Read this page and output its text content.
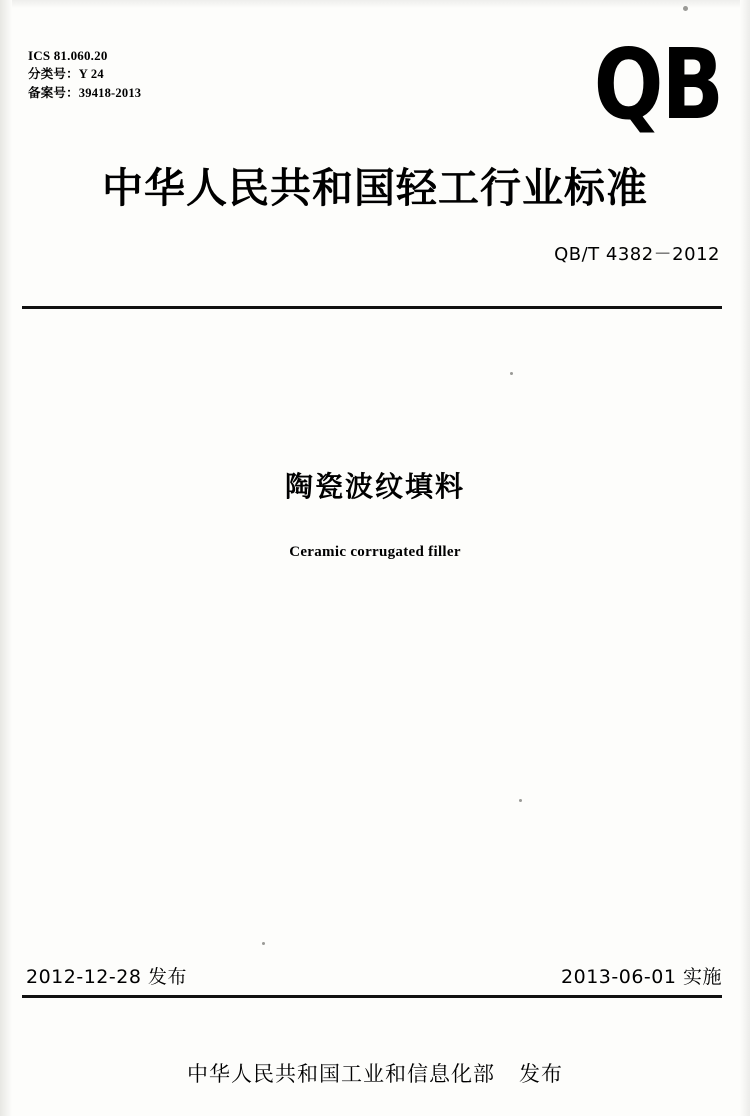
ICS 81.060.20
分类号：Y 24
备案号：39418-2013	QB
中华人民共和国轻工行业标准
QB/T 4382－2012
陶瓷波纹填料
Ceramic corrugated filler
2012-12-28 发布	2013-06-01 实施
中华人民共和国工业和信息化部 发布
